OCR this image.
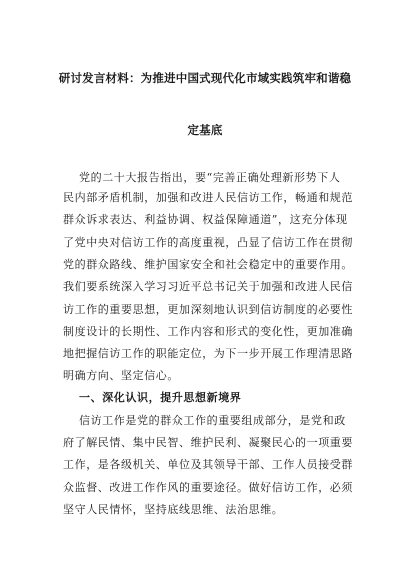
研讨发言材料：为推进中国式现代化市域实践筑牢和谐稳
定基底
党的二十大报告指出，要“完善正确处理新形势下人
民内部矛盾机制，加强和改进人民信访工作，畅通和规范
群众诉求表达、利益协调、权益保障通道”，这充分体现
了党中央对信访工作的高度重视，凸显了信访工作在贯彻
党的群众路线、维护国家安全和社会稳定中的重要作用。
我们要系统深入学习习近平总书记关于加强和改进人民信
访工作的重要思想，更加深刻地认识到信访制度的必要性
制度设计的长期性、工作内容和形式的变化性，更加准确
地把握信访工作的职能定位，为下一步开展工作理清思路
明确方向、坚定信心。
一、深化认识，提升思想新境界
信访工作是党的群众工作的重要组成部分，是党和政
府了解民情、集中民智、维护民利、凝聚民心的一项重要
工作，是各级机关、单位及其领导干部、工作人员接受群
众监督、改进工作作风的重要途径。做好信访工作，必须
坚守人民情怀，坚持底线思维、法治思维。
